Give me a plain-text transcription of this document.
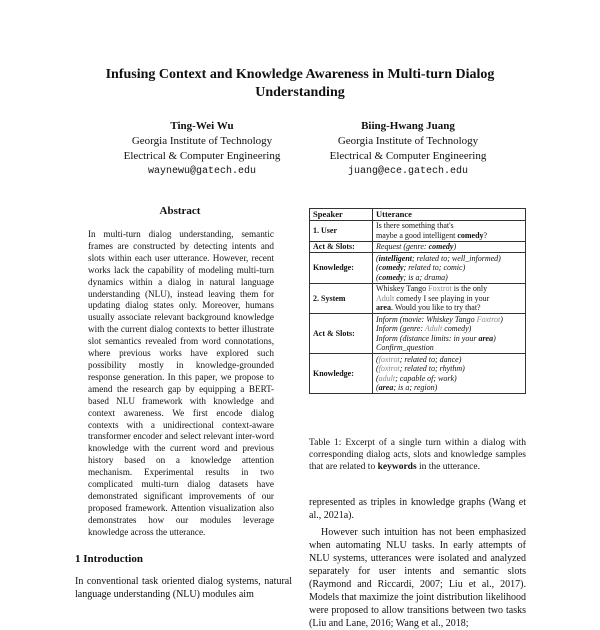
Infusing Context and Knowledge Awareness in Multi-turn Dialog
Understanding
Ting-Wei Wu
Georgia Institute of Technology
Electrical & Computer Engineering
waynewu@gatech.edu
Biing-Hwang Juang
Georgia Institute of Technology
Electrical & Computer Engineering
juang@ece.gatech.edu
Abstract
In multi-turn dialog understanding, semantic frames are constructed by detecting intents and slots within each user utterance. However, recent works lack the capability of modeling multi-turn dynamics within a dialog in natural language understanding (NLU), instead leaving them for updating dialog states only. Moreover, humans usually associate relevant background knowledge with the current dialog contexts to better illustrate slot semantics revealed from word connotations, where previous works have explored such possibility mostly in knowledge-grounded response generation. In this paper, we propose to amend the research gap by equipping a BERT-based NLU framework with knowledge and context awareness. We first encode dialog contexts with a unidirectional context-aware transformer encoder and select relevant inter-word knowledge with the current word and previous history based on a knowledge attention mechanism. Experimental results in two complicated multi-turn dialog datasets have demonstrated significant improvements of our proposed framework. Attention visualization also demonstrates how our modules leverage knowledge across the utterance.
1 Introduction
In conventional task oriented dialog systems, natural language understanding (NLU) modules aim
Speaker	Utterance
1. User	Is there something that's
maybe a good intelligent comedy?

Act & Slots:	Request (genre: comedy)
Knowledge:	(intelligent; related to; well_informed)
(comedy; related to; comic)
(comedy; is a; drama)

2. System	Whiskey Tango Foxtrot is the only
Adult comedy I see playing in your
area. Would you like to try that?

Act & Slots:	Inform (movie: Whiskey Tango Foxtrot)
Inform (genre: Adult comedy)
Inform (distance limits: in your area)
Confirm_question

Knowledge:	(foxtrot; related to; dance)
(foxtrot; related to; rhythm)
(adult; capable of; work)
(area; is a; region)
Table 1: Excerpt of a single turn within a dialog with corresponding dialog acts, slots and knowledge samples that are related to keywords in the utterance.

represented as triples in knowledge graphs (Wang et al., 2021a).

However such intuition has not been emphasized when automating NLU tasks. In early attempts of NLU systems, utterances were isolated and analyzed separately for user intents and semantic slots (Raymond and Riccardi, 2007; Liu et al., 2017). Models that maximize the joint distribution likelihood were proposed to allow transitions between two tasks (Liu and Lane, 2016; Wang et al., 2018;
